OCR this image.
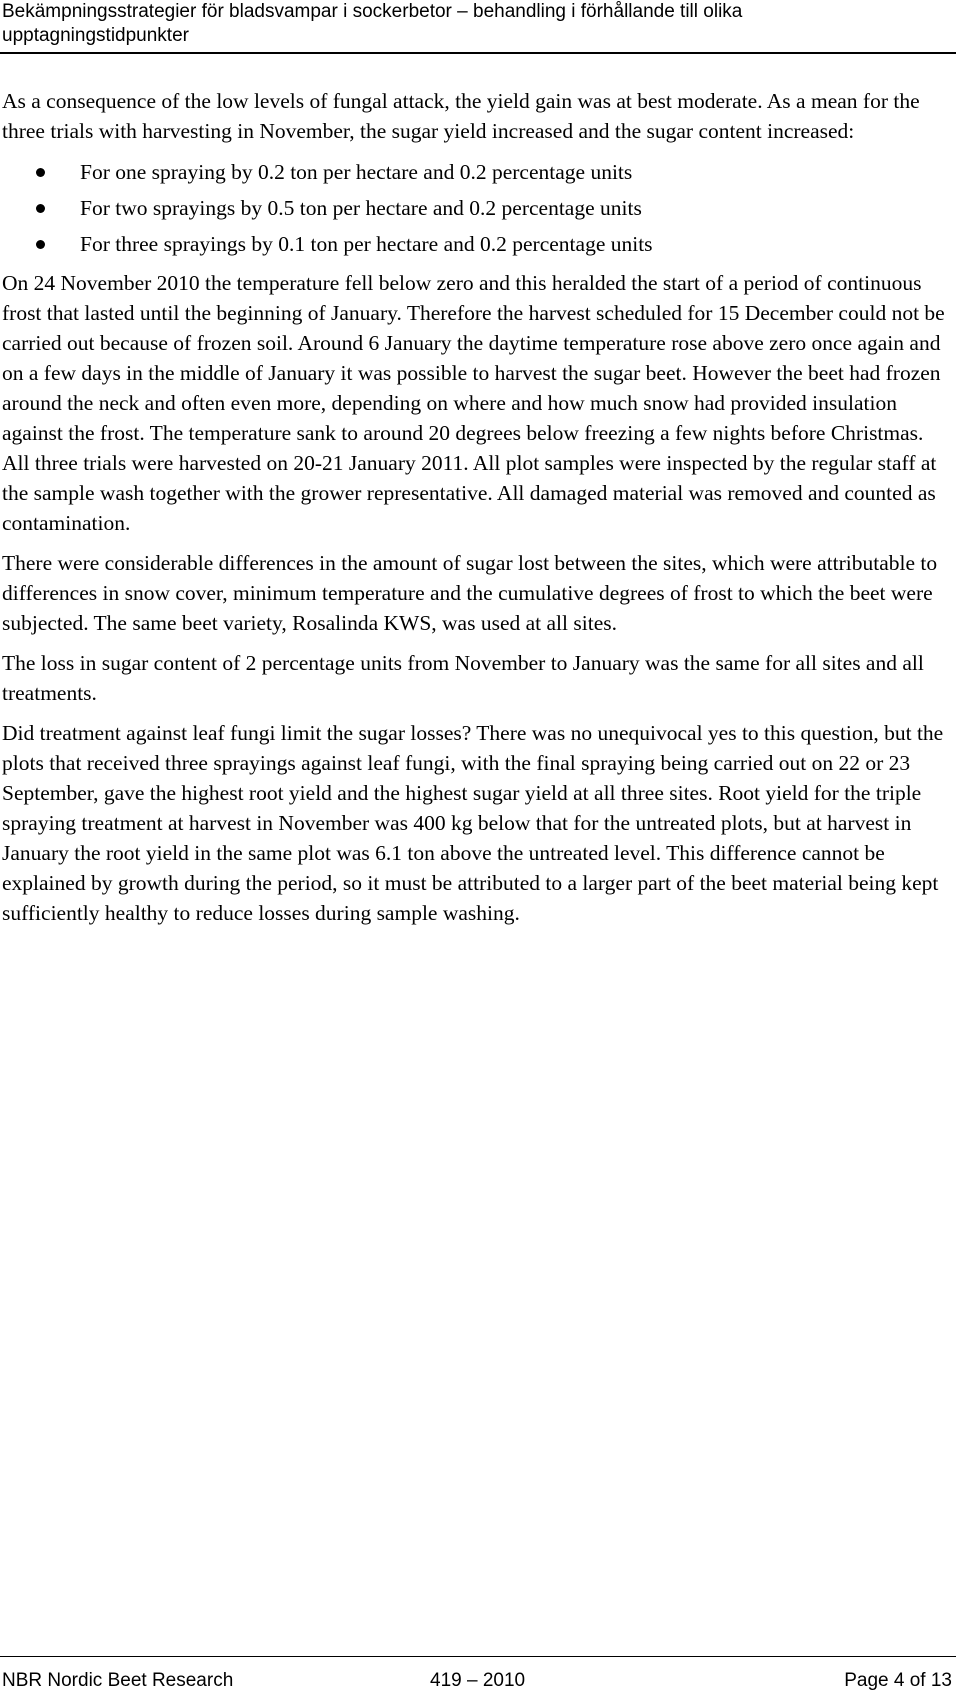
Bekämpningsstrategier för bladsvampar i sockerbetor – behandling i förhållande till olika

upptagningstidpunkter

As a consequence of the low levels of fungal attack, the yield gain was at best moderate. As a mean for the three trials with harvesting in November, the sugar yield increased and the sugar content increased:

For one spraying by 0.2 ton per hectare and 0.2 percentage units
For two sprayings by 0.5 ton per hectare and 0.2 percentage units
For three sprayings by 0.1 ton per hectare and 0.2 percentage units

On 24 November 2010 the temperature fell below zero and this heralded the start of a period of continuous frost that lasted until the beginning of January. Therefore the harvest scheduled for 15 December could not be carried out because of frozen soil. Around 6 January the daytime temperature rose above zero once again and on a few days in the middle of January it was possible to harvest the sugar beet. However the beet had frozen around the neck and often even more, depending on where and how much snow had provided insulation against the frost. The temperature sank to around 20 degrees below freezing a few nights before Christmas. All three trials were harvested on 20-21 January 2011. All plot samples were inspected by the regular staff at the sample wash together with the grower representative. All damaged material was removed and counted as contamination.

There were considerable differences in the amount of sugar lost between the sites, which were attributable to differences in snow cover, minimum temperature and the cumulative degrees of frost to which the beet were subjected. The same beet variety, Rosalinda KWS, was used at all sites.

The loss in sugar content of 2 percentage units from November to January was the same for all sites and all treatments.

Did treatment against leaf fungi limit the sugar losses? There was no unequivocal yes to this question, but the plots that received three sprayings against leaf fungi, with the final spraying being carried out on 22 or 23 September, gave the highest root yield and the highest sugar yield at all three sites. Root yield for the triple spraying treatment at harvest in November was 400 kg below that for the untreated plots, but at harvest in January the root yield in the same plot was 6.1 ton above the untreated level. This difference cannot be explained by growth during the period, so it must be attributed to a larger part of the beet material being kept sufficiently healthy to reduce losses during sample washing.

NBR Nordic Beet Research	419 – 2010	Page 4 of 13
